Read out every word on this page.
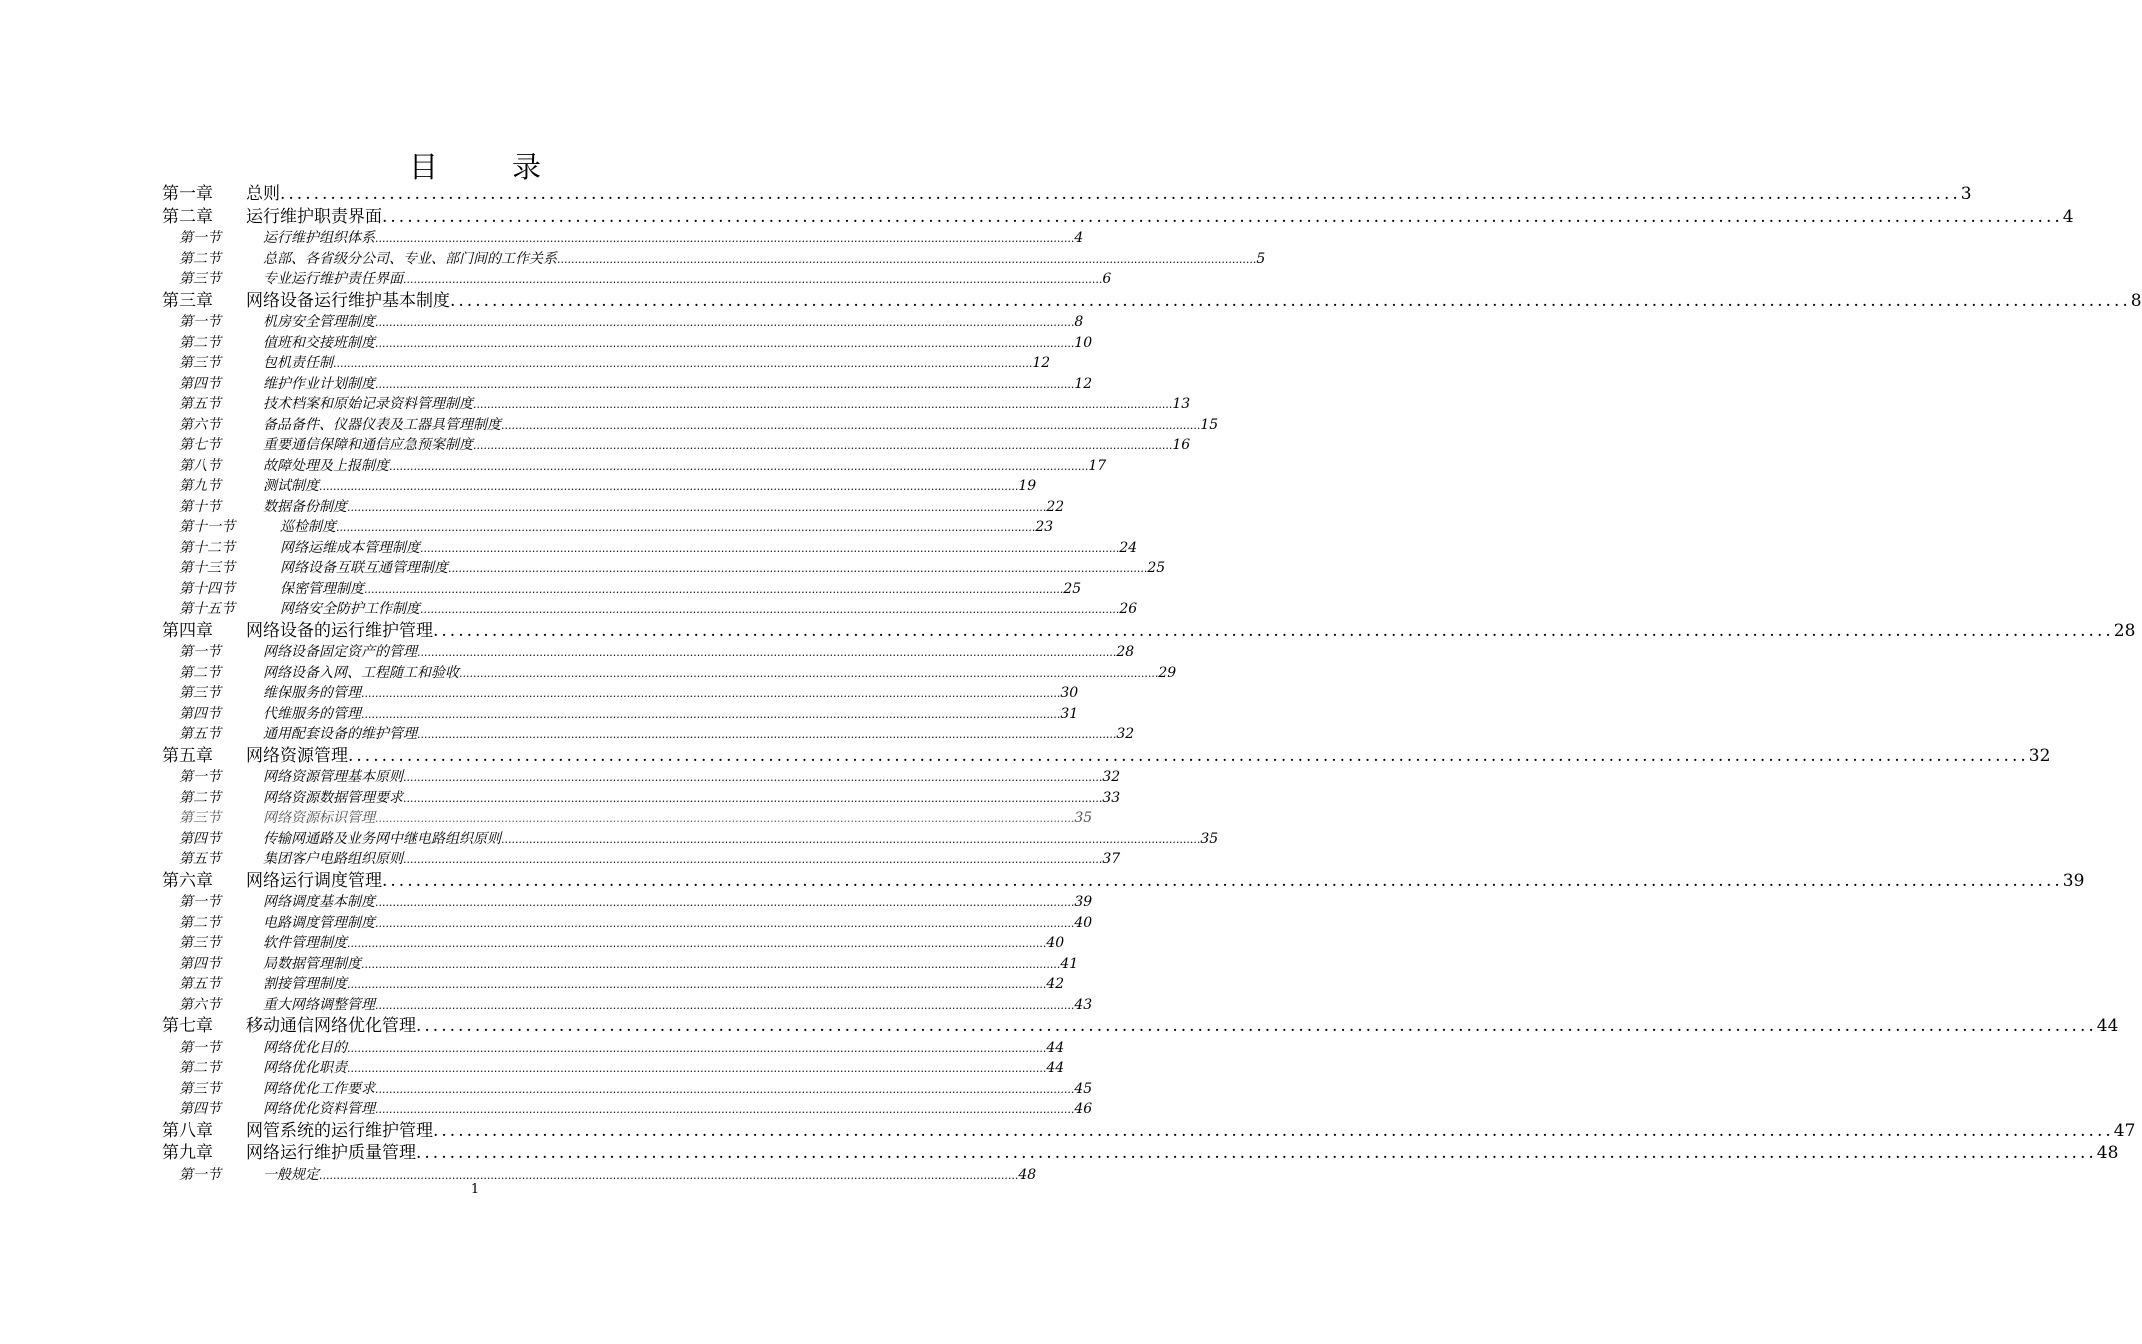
目录
第一章	总则 ........................................................................................................................................................................................................ 3
第二章	运行维护职责界面 ........................................................................................................................................................................................................ 4
第一节	运行维护组织体系 ........................................................................................................................................................................................................ 4
第二节	总部、各省级分公司、专业、部门间的工作关系 ........................................................................................................................................................................................................ 5
第三节	专业运行维护责任界面 ........................................................................................................................................................................................................ 6
第三章	网络设备运行维护基本制度 ........................................................................................................................................................................................................ 8
第一节	机房安全管理制度 ........................................................................................................................................................................................................ 8
第二节	值班和交接班制度 ........................................................................................................................................................................................................ 10
第三节	包机责任制 ........................................................................................................................................................................................................ 12
第四节	维护作业计划制度 ........................................................................................................................................................................................................ 12
第五节	技术档案和原始记录资料管理制度 ........................................................................................................................................................................................................ 13
第六节	备品备件、仪器仪表及工器具管理制度 ........................................................................................................................................................................................................ 15
第七节	重要通信保障和通信应急预案制度 ........................................................................................................................................................................................................ 16
第八节	故障处理及上报制度 ........................................................................................................................................................................................................ 17
第九节	测试制度 ........................................................................................................................................................................................................ 19
第十节	数据备份制度 ........................................................................................................................................................................................................ 22
第十一节	巡检制度 ........................................................................................................................................................................................................ 23
第十二节	网络运维成本管理制度 ........................................................................................................................................................................................................ 24
第十三节	网络设备互联互通管理制度 ........................................................................................................................................................................................................ 25
第十四节	保密管理制度 ........................................................................................................................................................................................................ 25
第十五节	网络安全防护工作制度 ........................................................................................................................................................................................................ 26
第四章	网络设备的运行维护管理 ........................................................................................................................................................................................................ 28
第一节	网络设备固定资产的管理 ........................................................................................................................................................................................................ 28
第二节	网络设备入网、工程随工和验收 ........................................................................................................................................................................................................ 29
第三节	维保服务的管理 ........................................................................................................................................................................................................ 30
第四节	代维服务的管理 ........................................................................................................................................................................................................ 31
第五节	通用配套设备的维护管理 ........................................................................................................................................................................................................ 32
第五章	网络资源管理 ........................................................................................................................................................................................................ 32
第一节	网络资源管理基本原则 ........................................................................................................................................................................................................ 32
第二节	网络资源数据管理要求 ........................................................................................................................................................................................................ 33
第三节	网络资源标识管理 ........................................................................................................................................................................................................ 35
第四节	传输网通路及业务网中继电路组织原则 ........................................................................................................................................................................................................ 35
第五节	集团客户电路组织原则 ........................................................................................................................................................................................................ 37
第六章	网络运行调度管理 ........................................................................................................................................................................................................ 39
第一节	网络调度基本制度 ........................................................................................................................................................................................................ 39
第二节	电路调度管理制度 ........................................................................................................................................................................................................ 40
第三节	软件管理制度 ........................................................................................................................................................................................................ 40
第四节	局数据管理制度 ........................................................................................................................................................................................................ 41
第五节	割接管理制度 ........................................................................................................................................................................................................ 42
第六节	重大网络调整管理 ........................................................................................................................................................................................................ 43
第七章	移动通信网络优化管理 ........................................................................................................................................................................................................ 44
第一节	网络优化目的 ........................................................................................................................................................................................................ 44
第二节	网络优化职责 ........................................................................................................................................................................................................ 44
第三节	网络优化工作要求 ........................................................................................................................................................................................................ 45
第四节	网络优化资料管理 ........................................................................................................................................................................................................ 46
第八章	网管系统的运行维护管理 ........................................................................................................................................................................................................ 47
第九章	网络运行维护质量管理 ........................................................................................................................................................................................................ 48
第一节	一般规定 ........................................................................................................................................................................................................ 48
1
